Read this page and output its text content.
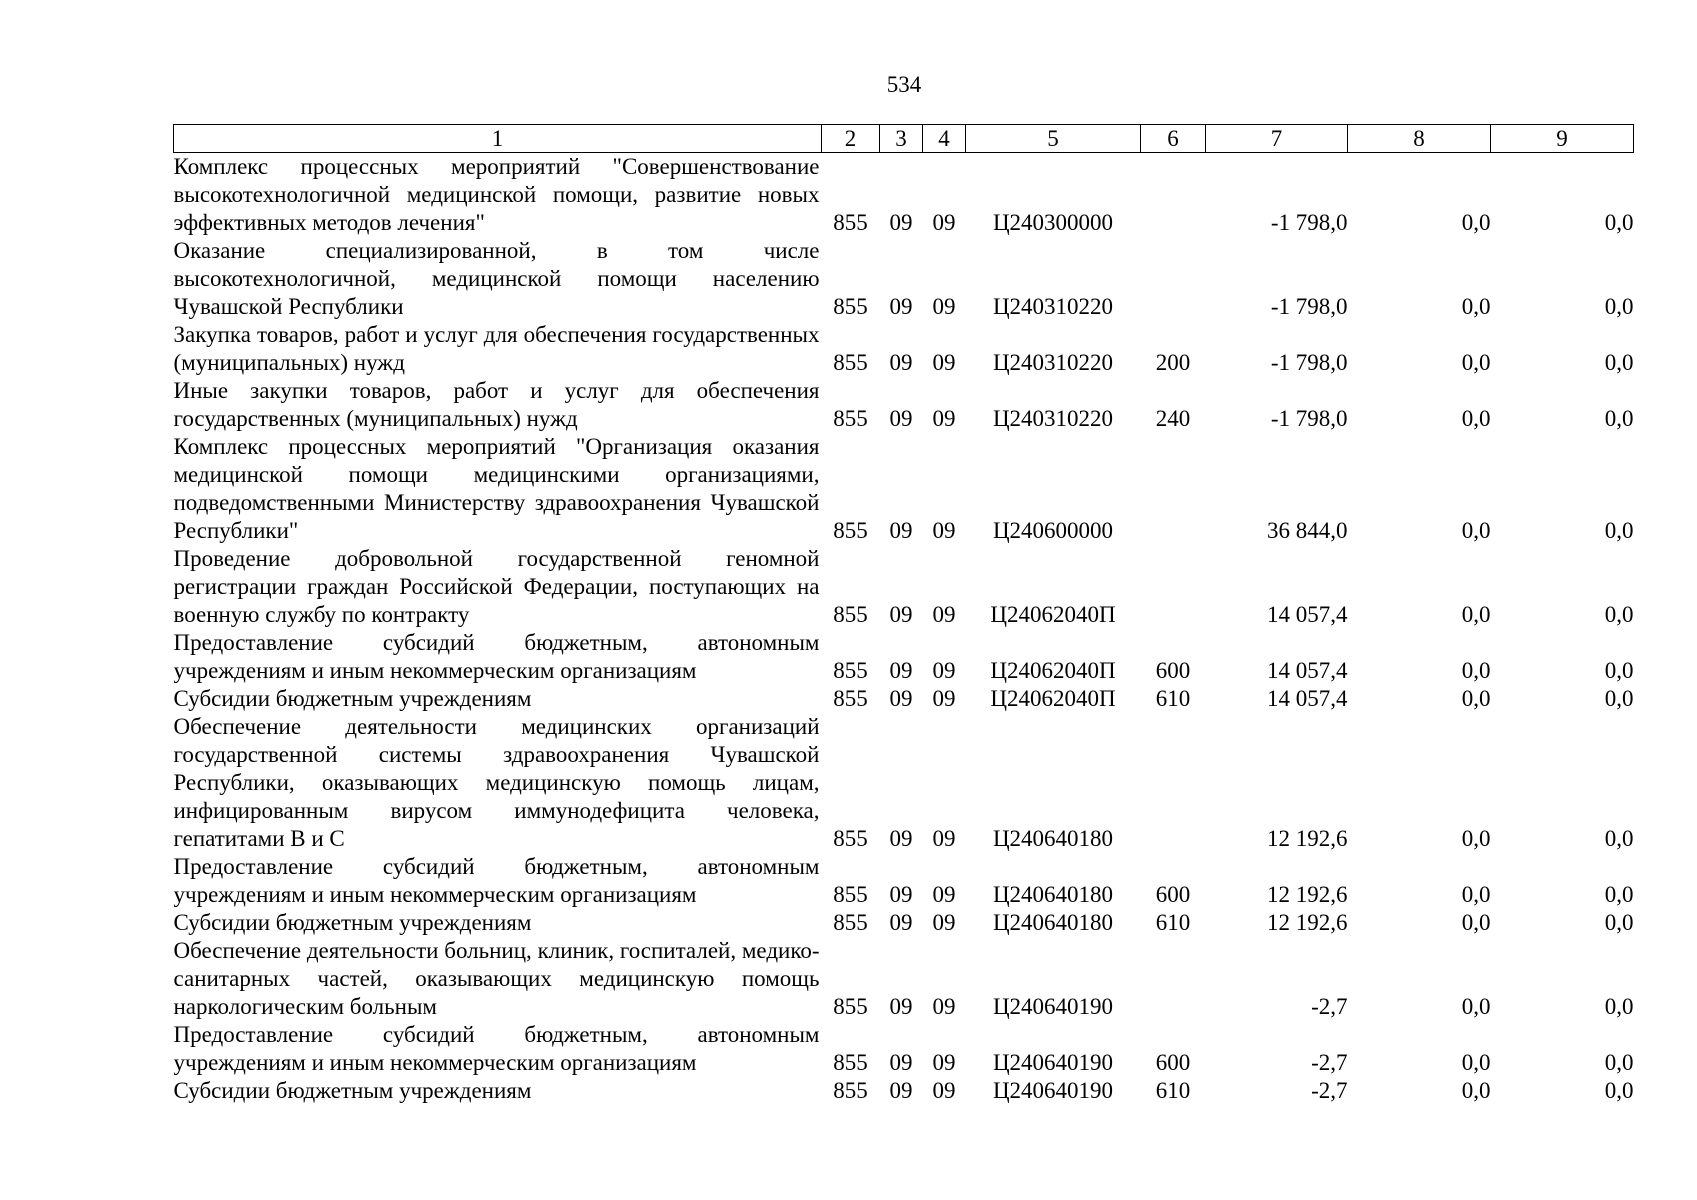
534
1	2	3	4	5	6	7	8	9
Комплекс процессных мероприятий "Совершенствование высокотехнологичной медицинской помощи, развитие новых эффективных методов лечения"	855	09	09	Ц240300000		-1 798,0	0,0	0,0
Оказание специализированной, в том числе высокотехнологичной, медицинской помощи населению Чувашской Республики	855	09	09	Ц240310220		-1 798,0	0,0	0,0
Закупка товаров, работ и услуг для обеспечения государственных (муниципальных) нужд	855	09	09	Ц240310220	200	-1 798,0	0,0	0,0
Иные закупки товаров, работ и услуг для обеспечения государственных (муниципальных) нужд	855	09	09	Ц240310220	240	-1 798,0	0,0	0,0
Комплекс процессных мероприятий "Организация оказания медицинской помощи медицинскими организациями, подведомственными Министерству здравоохранения Чувашской Республики"	855	09	09	Ц240600000		36 844,0	0,0	0,0
Проведение добровольной государственной геномной регистрации граждан Российской Федерации, поступающих на военную службу по контракту	855	09	09	Ц24062040П		14 057,4	0,0	0,0
Предоставление субсидий бюджетным, автономным учреждениям и иным некоммерческим организациям	855	09	09	Ц24062040П	600	14 057,4	0,0	0,0
Субсидии бюджетным учреждениям	855	09	09	Ц24062040П	610	14 057,4	0,0	0,0
Обеспечение деятельности медицинских организаций государственной системы здравоохранения Чувашской Республики, оказывающих медицинскую помощь лицам, инфицированным вирусом иммунодефицита человека, гепатитами B и C	855	09	09	Ц240640180		12 192,6	0,0	0,0
Предоставление субсидий бюджетным, автономным учреждениям и иным некоммерческим организациям	855	09	09	Ц240640180	600	12 192,6	0,0	0,0
Субсидии бюджетным учреждениям	855	09	09	Ц240640180	610	12 192,6	0,0	0,0
Обеспечение деятельности больниц, клиник, госпиталей, медико-санитарных частей, оказывающих медицинскую помощь наркологическим больным	855	09	09	Ц240640190		-2,7	0,0	0,0
Предоставление субсидий бюджетным, автономным учреждениям и иным некоммерческим организациям	855	09	09	Ц240640190	600	-2,7	0,0	0,0
Субсидии бюджетным учреждениям	855	09	09	Ц240640190	610	-2,7	0,0	0,0
